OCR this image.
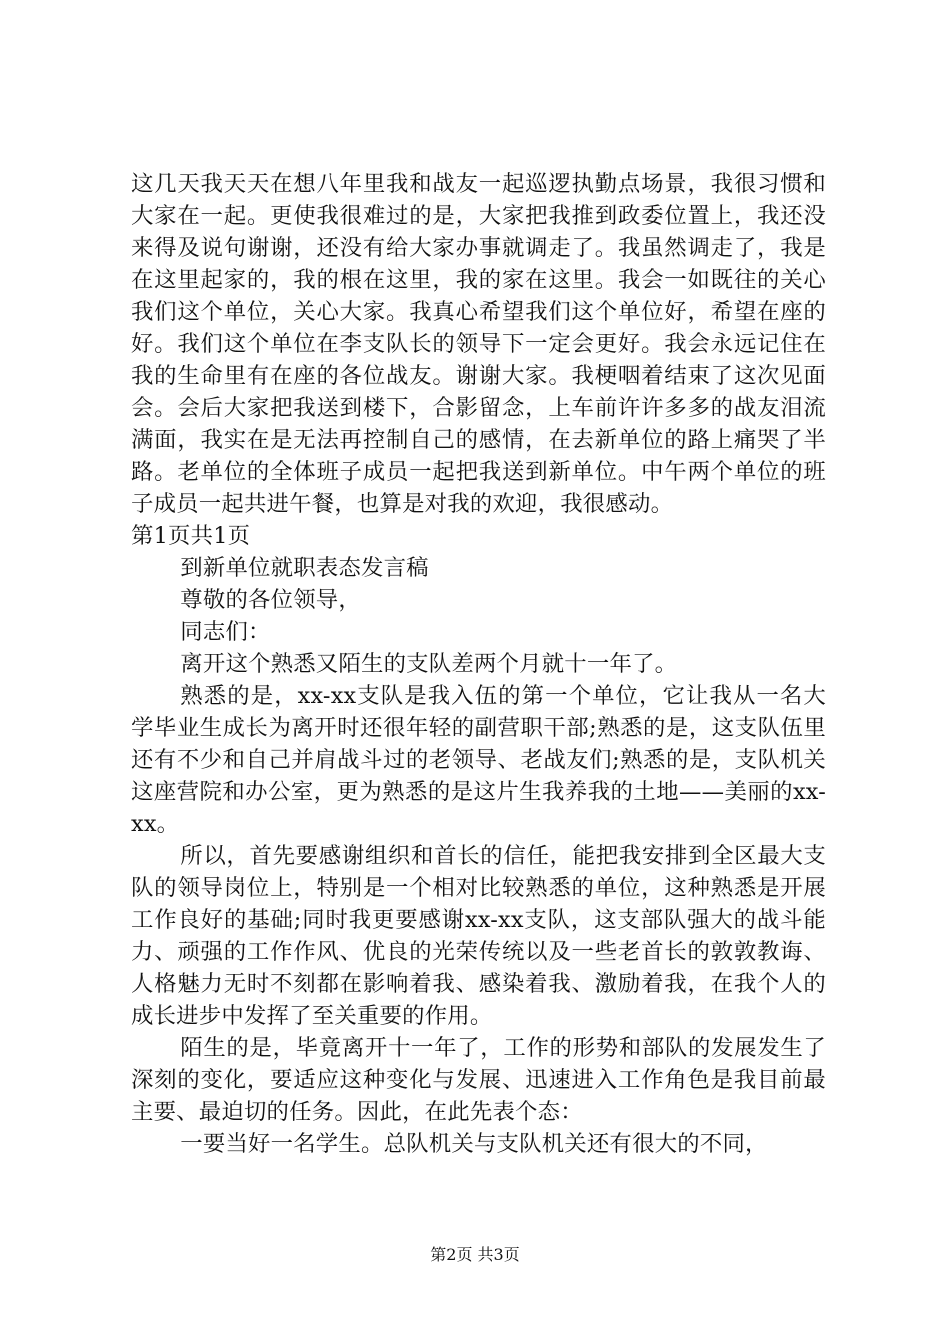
这几天我天天在想八年里我和战友一起巡逻执勤点场景，我很习惯和大家在一起。更使我很难过的是，大家把我推到政委位置上，我还没来得及说句谢谢，还没有给大家办事就调走了。我虽然调走了，我是在这里起家的，我的根在这里，我的家在这里。我会一如既往的关心我们这个单位，关心大家。我真心希望我们这个单位好，希望在座的好。我们这个单位在李支队长的领导下一定会更好。我会永远记住在我的生命里有在座的各位战友。谢谢大家。我梗咽着结束了这次见面会。会后大家把我送到楼下，合影留念，上车前许许多多的战友泪流满面，我实在是无法再控制自己的感情，在去新单位的路上痛哭了半路。老单位的全体班子成员一起把我送到新单位。中午两个单位的班子成员一起共进午餐，也算是对我的欢迎，我很感动。

第1页共1页

到新单位就职表态发言稿

尊敬的各位领导，

同志们：

离开这个熟悉又陌生的支队差两个月就十一年了。

熟悉的是，xx-xx支队是我入伍的第一个单位，它让我从一名大学毕业生成长为离开时还很年轻的副营职干部;熟悉的是，这支队伍里还有不少和自己并肩战斗过的老领导、老战友们;熟悉的是，支队机关这座营院和办公室，更为熟悉的是这片生我养我的土地——美丽的xx-xx。

所以，首先要感谢组织和首长的信任，能把我安排到全区最大支队的领导岗位上，特别是一个相对比较熟悉的单位，这种熟悉是开展工作良好的基础;同时我更要感谢xx-xx支队，这支部队强大的战斗能力、顽强的工作作风、优良的光荣传统以及一些老首长的敦敦教诲、人格魅力无时不刻都在影响着我、感染着我、激励着我，在我个人的成长进步中发挥了至关重要的作用。

陌生的是，毕竟离开十一年了，工作的形势和部队的发展发生了深刻的变化，要适应这种变化与发展、迅速进入工作角色是我目前最主要、最迫切的任务。因此，在此先表个态：

一要当好一名学生。总队机关与支队机关还有很大的不同，

第2页 共3页
